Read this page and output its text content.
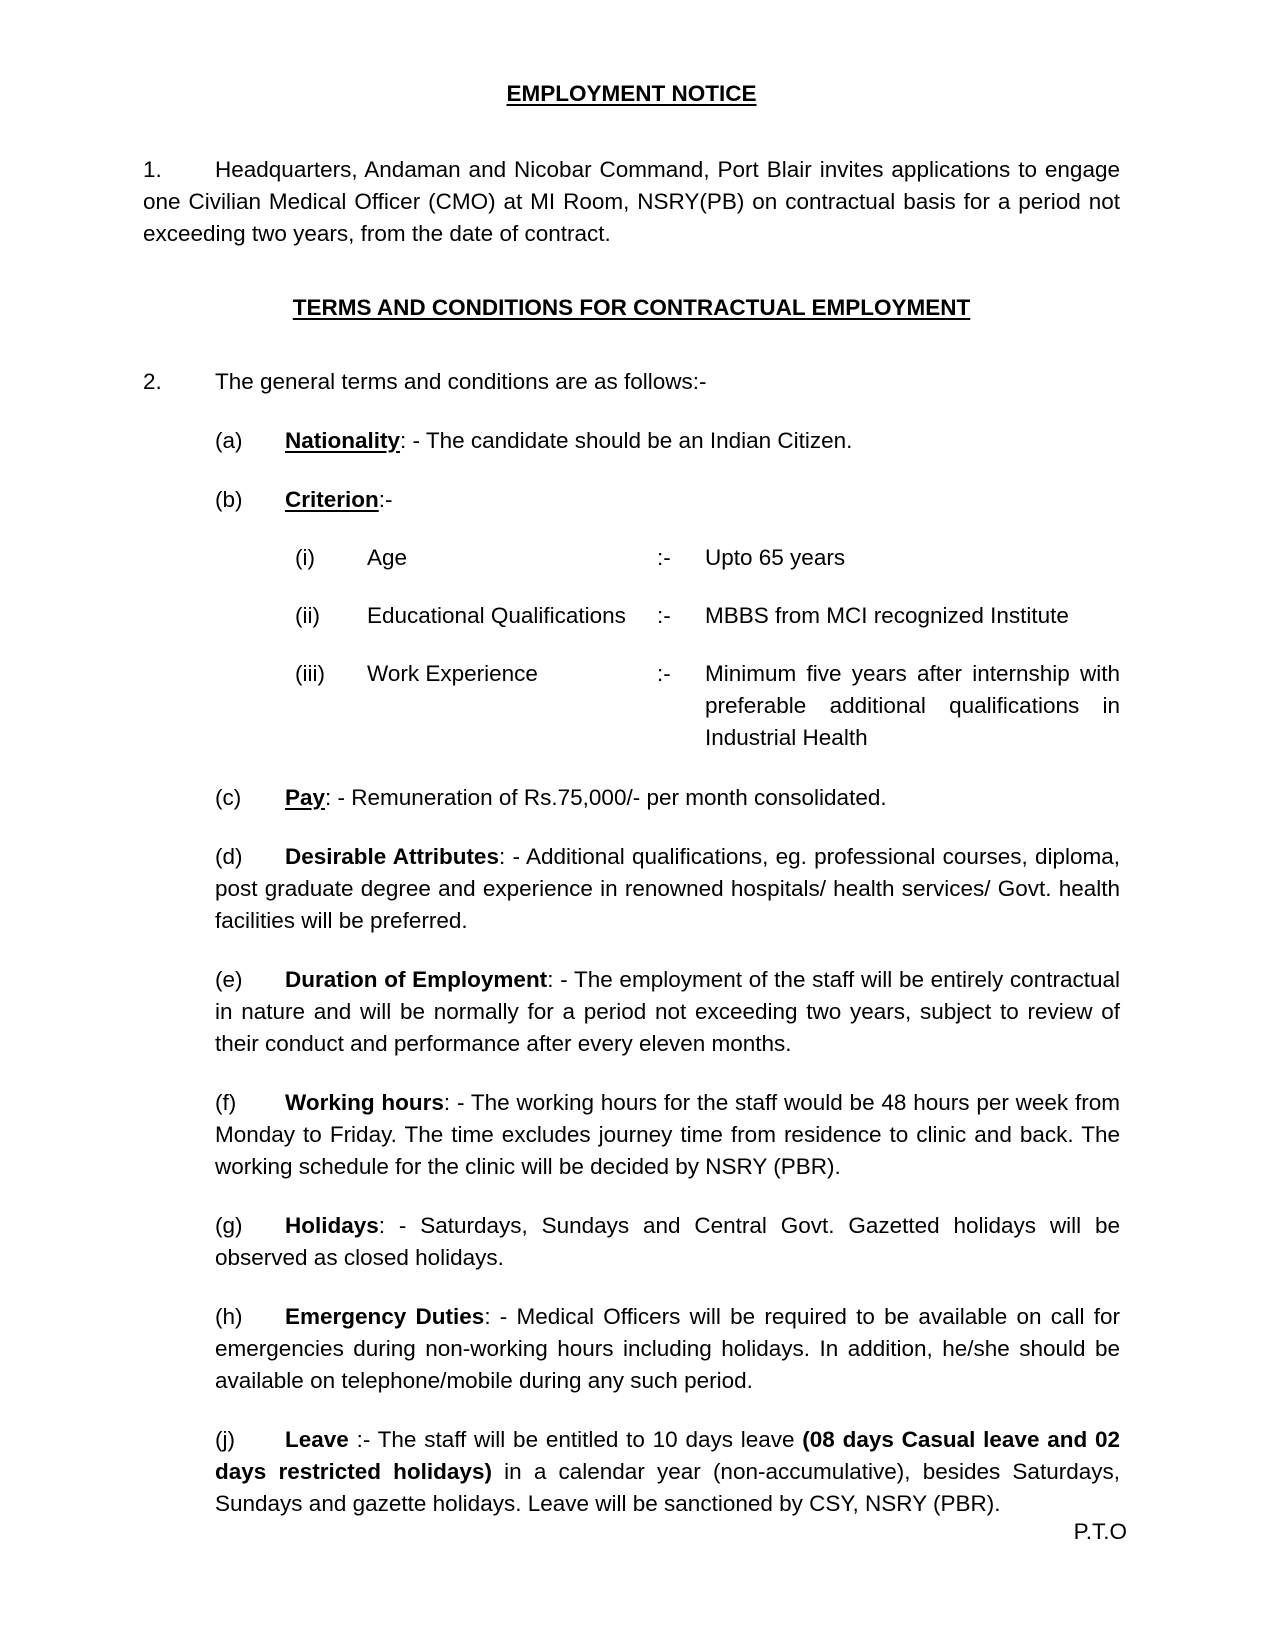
EMPLOYMENT NOTICE
1. Headquarters, Andaman and Nicobar Command, Port Blair invites applications to engage one Civilian Medical Officer (CMO) at MI Room, NSRY(PB) on contractual basis for a period not exceeding two years, from the date of contract.
TERMS AND CONDITIONS FOR CONTRACTUAL EMPLOYMENT
2. The general terms and conditions are as follows:-
(a)	Nationality: - The candidate should be an Indian Citizen.
(b)	Criterion:-
(i)	Age	:-	Upto 65 years
(ii)	Educational Qualifications	:-	MBBS from MCI recognized Institute
(iii)	Work Experience	:-	Minimum five years after internship with preferable additional qualifications in Industrial Health
(c)	Pay: - Remuneration of Rs.75,000/- per month consolidated.
(d)	Desirable Attributes: - Additional qualifications, eg. professional courses, diploma, post graduate degree and experience in renowned hospitals/ health services/ Govt. health facilities will be preferred.
(e)	Duration of Employment: - The employment of the staff will be entirely contractual in nature and will be normally for a period not exceeding two years, subject to review of their conduct and performance after every eleven months.
(f)	Working hours: - The working hours for the staff would be 48 hours per week from Monday to Friday. The time excludes journey time from residence to clinic and back. The working schedule for the clinic will be decided by NSRY (PBR).
(g)	Holidays: - Saturdays, Sundays and Central Govt. Gazetted holidays will be observed as closed holidays.
(h)	Emergency Duties: - Medical Officers will be required to be available on call for emergencies during non-working hours including holidays. In addition, he/she should be available on telephone/mobile during any such period.
(j)	Leave :- The staff will be entitled to 10 days leave (08 days Casual leave and 02 days restricted holidays) in a calendar year (non-accumulative), besides Saturdays, Sundays and gazette holidays. Leave will be sanctioned by CSY, NSRY (PBR).
P.T.O
